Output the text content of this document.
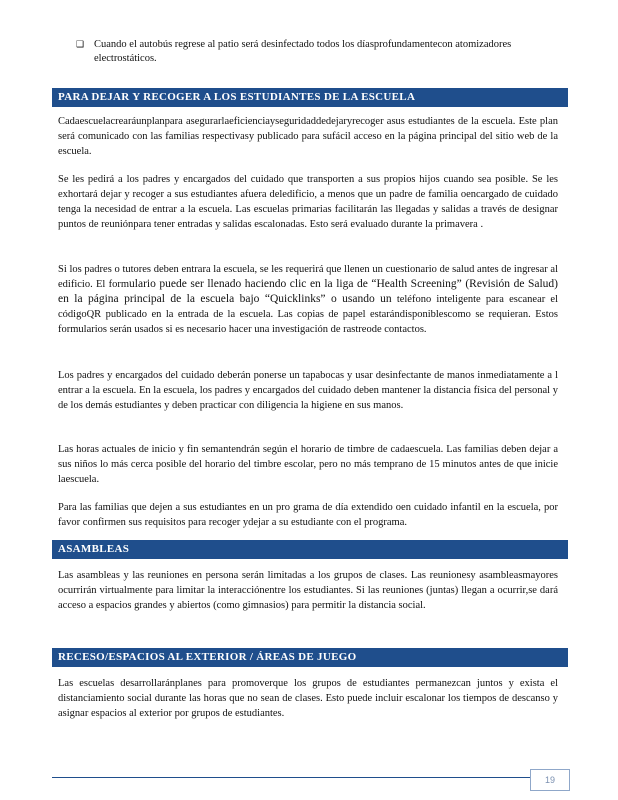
❑ Cuando el autobús regrese al patio será desinfectado todos los díasprofundamentecon atomizadores electrostáticos.
PARA DEJAR Y RECOGER A LOS ESTUDIANTES DE LA ESCUELA

Cadaescuelacrearáunplanpara asegurarlaeficienciayseguridaddedejaryrecoger asus estudiantes de la escuela. Este plan será comunicado con las familias respectivasy publicado para sufácil acceso en la página principal del sitio web de la escuela.

Se les pedirá a los padres y encargados del cuidado que transporten a sus propios hijos cuando sea posible. Se les exhortará dejar y recoger a sus estudiantes afuera deledificio, a menos que un padre de familia oencargado de cuidado tenga la necesidad de entrar a la escuela. Las escuelas primarias facilitarán las llegadas y salidas a través de designar puntos de reuniónpara tener entradas y salidas escalonadas. Esto será evaluado durante la primavera .

Si los padres o tutores deben entrara la escuela, se les requerirá que llenen un cuestionario de salud antes de ingresar al edificio. El formulario puede ser llenado haciendo clic en la liga de “Health Screening” (Revisión de Salud) en la página principal de la escuela bajo “Quicklinks” o usando un teléfono inteligente para escanear el códigoQR publicado en la entrada de la escuela. Las copias de papel estarándisponiblescomo se requieran. Estos formularios serán usados si es necesario hacer una investigación de rastreode contactos.

Los padres y encargados del cuidado deberán ponerse un tapabocas y usar desinfectante de manos inmediatamente a l entrar a la escuela. En la escuela, los padres y encargados del cuidado deben mantener la distancia física del personal y de los demás estudiantes y deben practicar con diligencia la higiene en sus manos.

Las horas actuales de inicio y fin semantendrán según el horario de timbre de cadaescuela. Las familias deben dejar a sus niños lo más cerca posible del horario del timbre escolar, pero no más temprano de 15 minutos antes de que inicie laescuela.

Para las familias que dejen a sus estudiantes en un pro grama de día extendido oen cuidado infantil en la escuela, por favor confirmen sus requisitos para recoger ydejar a su estudiante con el programa.

ASAMBLEAS

Las asambleas y las reuniones en persona serán limitadas a los grupos de clases. Las reunionesy asambleasmayores ocurrirán virtualmente para limitar la interacciónentre los estudiantes. Si las reuniones (juntas) llegan a ocurrir,se dará acceso a espacios grandes y abiertos (como gimnasios) para permitir la distancia social.

RECESO/ESPACIOS AL EXTERIOR / ÁREAS DE JUEGO

Las escuelas desarrollaránplanes para promoverque los grupos de estudiantes permanezcan juntos y exista el distanciamiento social durante las horas que no sean de clases. Esto puede incluir escalonar los tiempos de descanso y asignar espacios al exterior por grupos de estudiantes.

19
